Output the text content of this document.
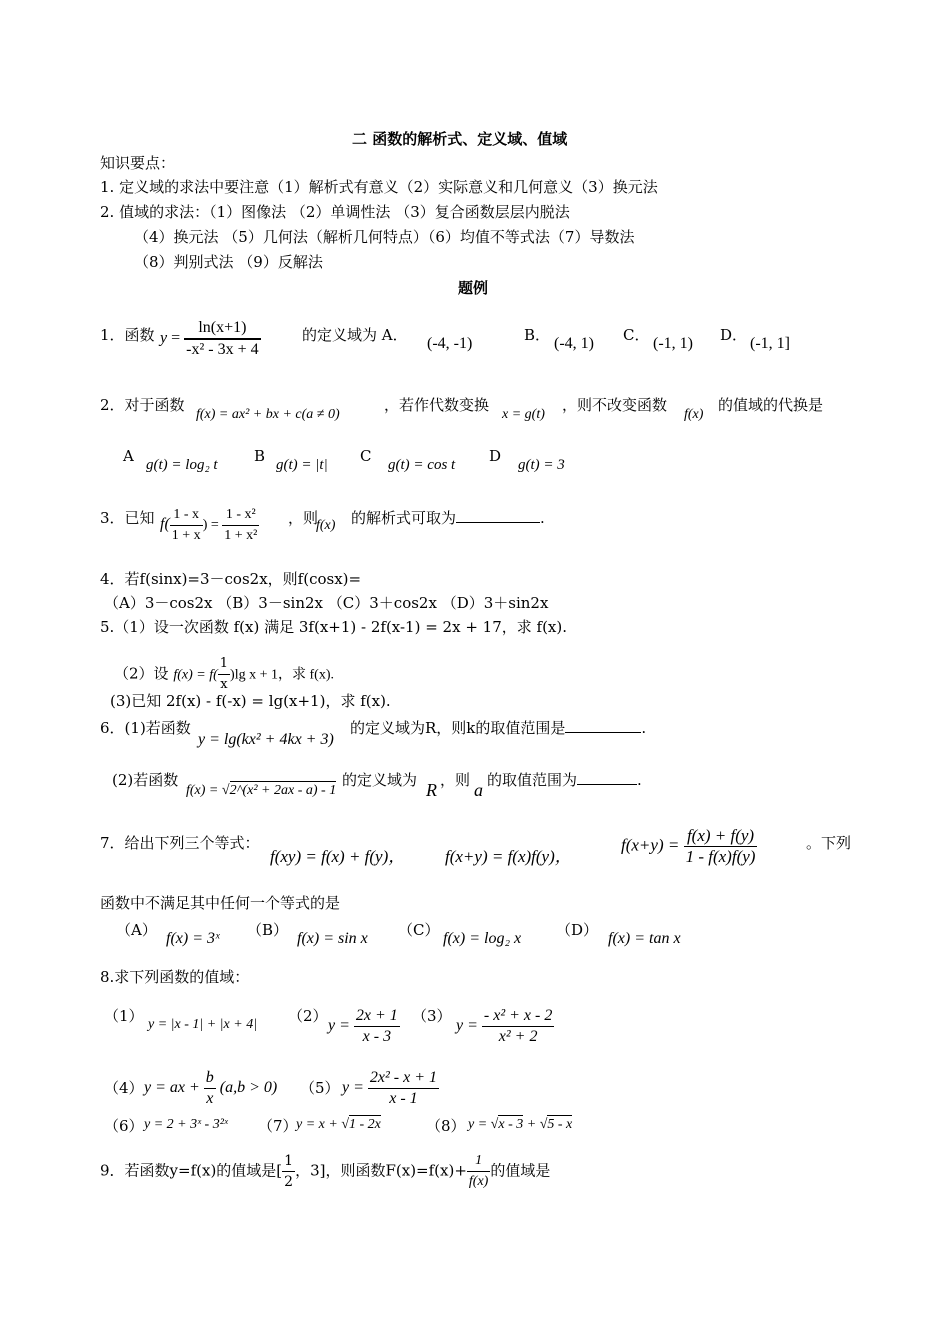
二 函数的解析式、定义域、值域
知识要点：
1. 定义域的求法中要注意（1）解析式有意义（2）实际意义和几何意义（3）换元法
2. 值域的求法：（1）图像法 （2）单调性法 （3）复合函数层层内脱法
（4）换元法 （5）几何法（解析几何特点）（6）均值不等式法（7）导数法
（8）判别式法 （9）反解法
题例
1．函数 $y = \frac{\ln(x+1)}{\text{-x² - 3x + 4}}$	的定义域为 A． (-4, -1)	B． (-4, 1) C． (-1, 1) D． (-1, 1]
2．对于函数
f(x) = ax² + bx + c(a ≠ 0)
，若作代数变换
x = g(t)
，则不改变函数
f(x)
的值域的代换是
A g(t) = log₂ t B g(t) = |t| C g(t) = cos t D g(t) = 3
3．已知 $f( \frac{1 - x}{1 + x}$ ) = $\frac{\text{1 - x²}}{\text{1 + x²}}$ ，则
f(x) 的解析式可取为	.
4．若f(sinx)=3－cos2x，则f(cosx)=
（A）3－cos2x （B）3－sin2x （C）3＋cos2x （D）3＋sin2x
5.（1）设一次函数 f(x) 满足 3f(x+1) - 2f(x-1) = 2x + 17，求 f(x).
（2）设 $f(x) = f( \frac{1}{x} )\lg$ x + 1，求 f(x).
(3)已知 2f(x) - f(-x) = lg(x+1)，求 f(x).
6．(1)若函数
y = lg(kx² + 4kx + 3)
的定义域为R，则k的取值范围是	.
(2)若函数
f(x) = √2^(x² + 2ax - a) - 1
的定义域为 R ，则 a 的取值范围为	.
7．给出下列三个等式：
f(xy) = f(x) + f(y)， f(x+y) = f(x)f(y)，
$f(x+y) = \frac{f(x) + f(y)}{1 - f(x)f(y)}$	。下列
函数中不满足其中任何一个等式的是
（A） f(x) = 3ˣ （B） f(x) = sin x （C） f(x) = log₂ x （D） f(x) = tan x
8.求下列函数的值域：
（1） y = |x - 1| + |x + 4| （2）
$y = \frac{2x + 1}{x - 3} (3)$
$y = \frac{\text{- x² + x - 2}}{\text{x² + 2}}$
（4） y = ax + $\frac{b}{x} (a,b > 0)$ （5） $y = \frac{\text{2x² - x + 1}}{x - 1}$
（6） y = 2 + 3ˣ - 3²ˣ （7）
y = x + √1 - 2x	（8） y = √x - 3 + √5 - x
9．若函数y=f(x)的值域是[ $\frac{1}{2}$ ，3]，则函数$F(x)=f(x)+ \frac{1}{f(x)}$ 的值域是
